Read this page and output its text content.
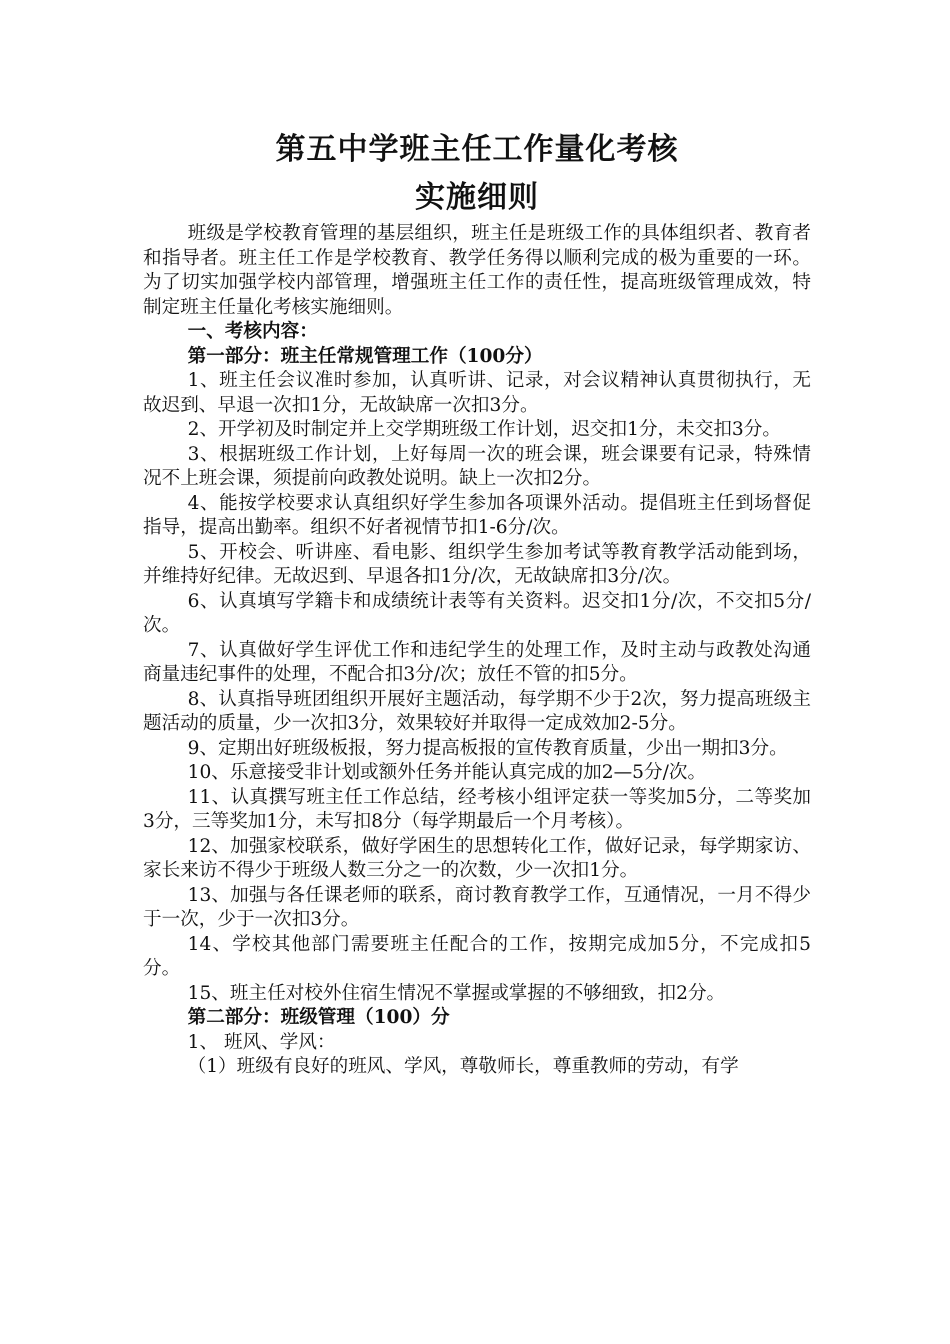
第五中学班主任工作量化考核
实施细则

班级是学校教育管理的基层组织，班主任是班级工作的具体组织者、教育者和指导者。班主任工作是学校教育、教学任务得以顺利完成的极为重要的一环。为了切实加强学校内部管理，增强班主任工作的责任性，提高班级管理成效，特制定班主任量化考核实施细则。

一、考核内容：

第一部分：班主任常规管理工作（100分）

1、班主任会议准时参加，认真听讲、记录，对会议精神认真贯彻执行，无故迟到、早退一次扣1分，无故缺席一次扣3分。

2、开学初及时制定并上交学期班级工作计划，迟交扣1分，未交扣3分。

3、根据班级工作计划，上好每周一次的班会课，班会课要有记录，特殊情况不上班会课，须提前向政教处说明。缺上一次扣2分。

4、能按学校要求认真组织好学生参加各项课外活动。提倡班主任到场督促指导，提高出勤率。组织不好者视情节扣1-6分/次。

5、开校会、听讲座、看电影、组织学生参加考试等教育教学活动能到场，并维持好纪律。无故迟到、早退各扣1分/次，无故缺席扣3分/次。

6、认真填写学籍卡和成绩统计表等有关资料。迟交扣1分/次，不交扣5分/次。

7、认真做好学生评优工作和违纪学生的处理工作，及时主动与政教处沟通商量违纪事件的处理，不配合扣3分/次；放任不管的扣5分。

8、认真指导班团组织开展好主题活动，每学期不少于2次，努力提高班级主题活动的质量，少一次扣3分，效果较好并取得一定成效加2-5分。

9、定期出好班级板报，努力提高板报的宣传教育质量，少出一期扣3分。

10、乐意接受非计划或额外任务并能认真完成的加2—5分/次。

11、认真撰写班主任工作总结，经考核小组评定获一等奖加5分，二等奖加3分，三等奖加1分，未写扣8分（每学期最后一个月考核）。

12、加强家校联系，做好学困生的思想转化工作，做好记录，每学期家访、家长来访不得少于班级人数三分之一的次数，少一次扣1分。

13、加强与各任课老师的联系，商讨教育教学工作，互通情况，一月不得少于一次，少于一次扣3分。

14、学校其他部门需要班主任配合的工作，按期完成加5分，不完成扣5分。

15、班主任对校外住宿生情况不掌握或掌握的不够细致，扣2分。

第二部分：班级管理（100）分

1、 班风、学风：

（1）班级有良好的班风、学风，尊敬师长，尊重教师的劳动，有学
